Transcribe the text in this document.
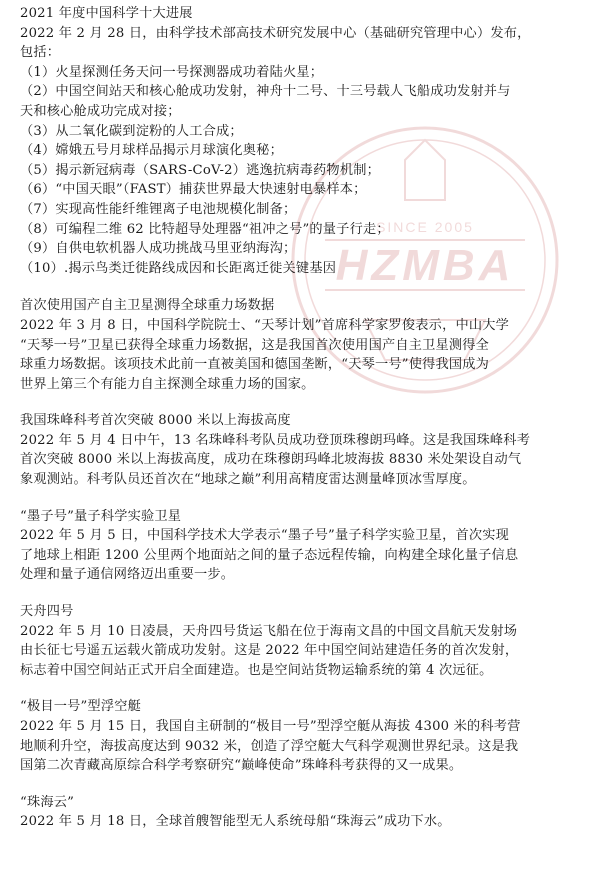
HZMBA
SINCE 2005

2021 年度中国科学十大进展

2022 年 2 月 28 日，由科学技术部高技术研究发展中心（基础研究管理中心）发布，

包括：

（1）火星探测任务天问一号探测器成功着陆火星；

（2）中国空间站天和核心舱成功发射，神舟十二号、十三号载人飞船成功发射并与

天和核心舱成功完成对接；

（3）从二氧化碳到淀粉的人工合成；

（4）嫦娥五号月球样品揭示月球演化奥秘；

（5）揭示新冠病毒（SARS-CoV-2）逃逸抗病毒药物机制；

（6）“中国天眼”（FAST）捕获世界最大快速射电暴样本；

（7）实现高性能纤维锂离子电池规模化制备；

（8）可编程二维 62 比特超导处理器“祖冲之号”的量子行走；

（9）自供电软机器人成功挑战马里亚纳海沟；

（10）.揭示鸟类迁徙路线成因和长距离迁徙关键基因

首次使用国产自主卫星测得全球重力场数据

2022 年 3 月 8 日，中国科学院院士、“天琴计划”首席科学家罗俊表示，中山大学

“天琴一号”卫星已获得全球重力场数据，这是我国首次使用国产自主卫星测得全

球重力场数据。该项技术此前一直被美国和德国垄断，“天琴一号”使得我国成为

世界上第三个有能力自主探测全球重力场的国家。

我国珠峰科考首次突破 8000 米以上海拔高度

2022 年 5 月 4 日中午，13 名珠峰科考队员成功登顶珠穆朗玛峰。这是我国珠峰科考

首次突破 8000 米以上海拔高度，成功在珠穆朗玛峰北坡海拔 8830 米处架设自动气

象观测站。科考队员还首次在“地球之巅”利用高精度雷达测量峰顶冰雪厚度。

“墨子号”量子科学实验卫星

2022 年 5 月 5 日，中国科学技术大学表示“墨子号”量子科学实验卫星，首次实现

了地球上相距 1200 公里两个地面站之间的量子态远程传输，向构建全球化量子信息

处理和量子通信网络迈出重要一步。

天舟四号

2022 年 5 月 10 日凌晨，天舟四号货运飞船在位于海南文昌的中国文昌航天发射场

由长征七号遥五运载火箭成功发射。这是 2022 年中国空间站建造任务的首次发射，

标志着中国空间站正式开启全面建造。也是空间站货物运输系统的第 4 次远征。

“极目一号”型浮空艇

2022 年 5 月 15 日，我国自主研制的“极目一号”型浮空艇从海拔 4300 米的科考营

地顺利升空，海拔高度达到 9032 米，创造了浮空艇大气科学观测世界纪录。这是我

国第二次青藏高原综合科学考察研究“巅峰使命”珠峰科考获得的又一成果。

“珠海云”

2022 年 5 月 18 日，全球首艘智能型无人系统母船“珠海云”成功下水。
